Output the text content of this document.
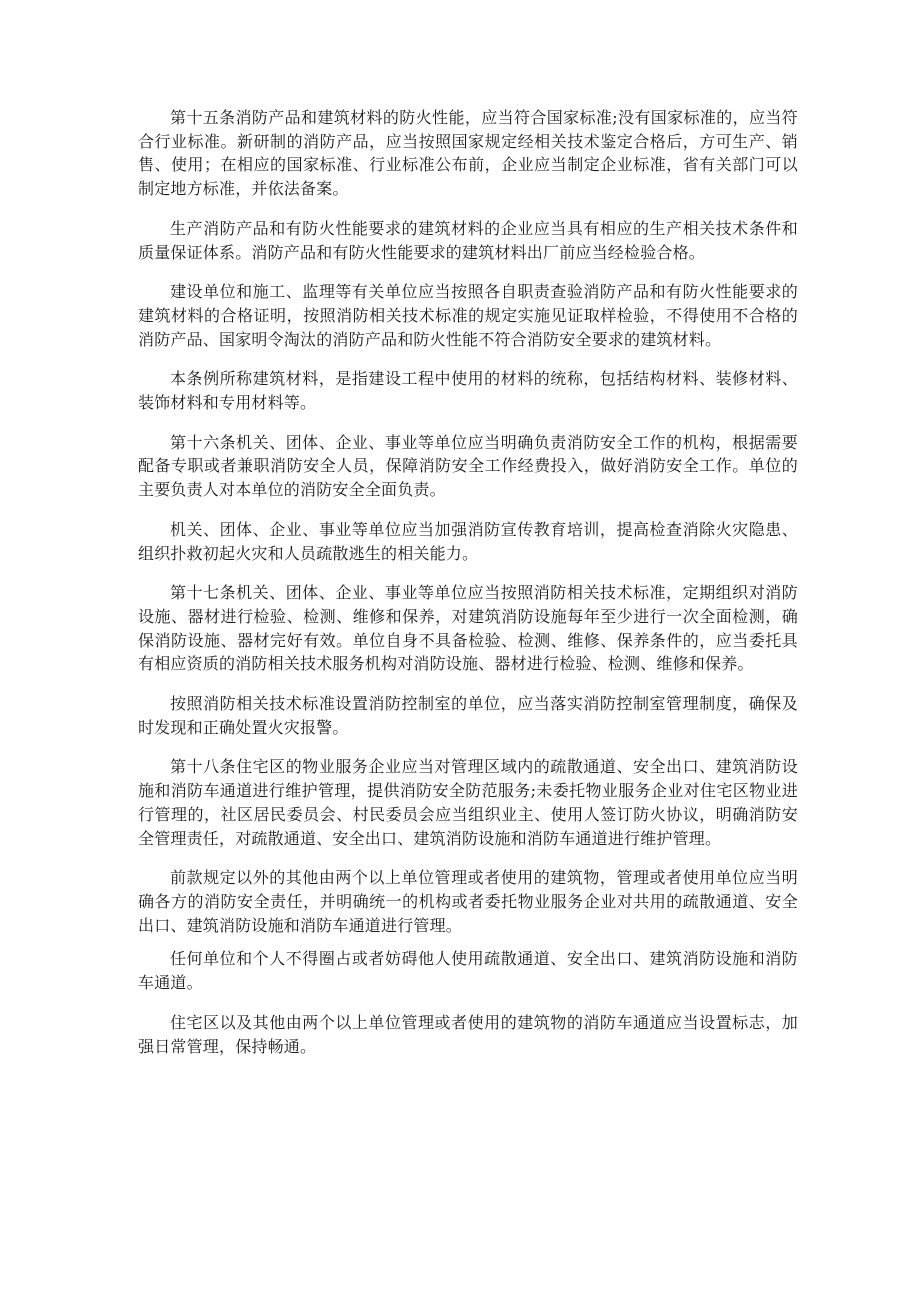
第十五条消防产品和建筑材料的防火性能，应当符合国家标准;没有国家标准的，应当符合行业标准。新研制的消防产品，应当按照国家规定经相关技术鉴定合格后，方可生产、销售、使用；在相应的国家标准、行业标准公布前，企业应当制定企业标准，省有关部门可以制定地方标准，并依法备案。

生产消防产品和有防火性能要求的建筑材料的企业应当具有相应的生产相关技术条件和质量保证体系。消防产品和有防火性能要求的建筑材料出厂前应当经检验合格。

建设单位和施工、监理等有关单位应当按照各自职责查验消防产品和有防火性能要求的建筑材料的合格证明，按照消防相关技术标准的规定实施见证取样检验，不得使用不合格的消防产品、国家明令淘汰的消防产品和防火性能不符合消防安全要求的建筑材料。

本条例所称建筑材料，是指建设工程中使用的材料的统称，包括结构材料、装修材料、装饰材料和专用材料等。

第十六条机关、团体、企业、事业等单位应当明确负责消防安全工作的机构，根据需要配备专职或者兼职消防安全人员，保障消防安全工作经费投入，做好消防安全工作。单位的主要负责人对本单位的消防安全全面负责。

机关、团体、企业、事业等单位应当加强消防宣传教育培训，提高检查消除火灾隐患、组织扑救初起火灾和人员疏散逃生的相关能力。

第十七条机关、团体、企业、事业等单位应当按照消防相关技术标准，定期组织对消防设施、器材进行检验、检测、维修和保养，对建筑消防设施每年至少进行一次全面检测，确保消防设施、器材完好有效。单位自身不具备检验、检测、维修、保养条件的，应当委托具有相应资质的消防相关技术服务机构对消防设施、器材进行检验、检测、维修和保养。

按照消防相关技术标准设置消防控制室的单位，应当落实消防控制室管理制度，确保及时发现和正确处置火灾报警。

第十八条住宅区的物业服务企业应当对管理区域内的疏散通道、安全出口、建筑消防设施和消防车通道进行维护管理，提供消防安全防范服务;未委托物业服务企业对住宅区物业进行管理的，社区居民委员会、村民委员会应当组织业主、使用人签订防火协议，明确消防安全管理责任，对疏散通道、安全出口、建筑消防设施和消防车通道进行维护管理。

前款规定以外的其他由两个以上单位管理或者使用的建筑物，管理或者使用单位应当明确各方的消防安全责任，并明确统一的机构或者委托物业服务企业对共用的疏散通道、安全出口、建筑消防设施和消防车通道进行管理。

任何单位和个人不得圈占或者妨碍他人使用疏散通道、安全出口、建筑消防设施和消防车通道。

住宅区以及其他由两个以上单位管理或者使用的建筑物的消防车通道应当设置标志，加强日常管理，保持畅通。
